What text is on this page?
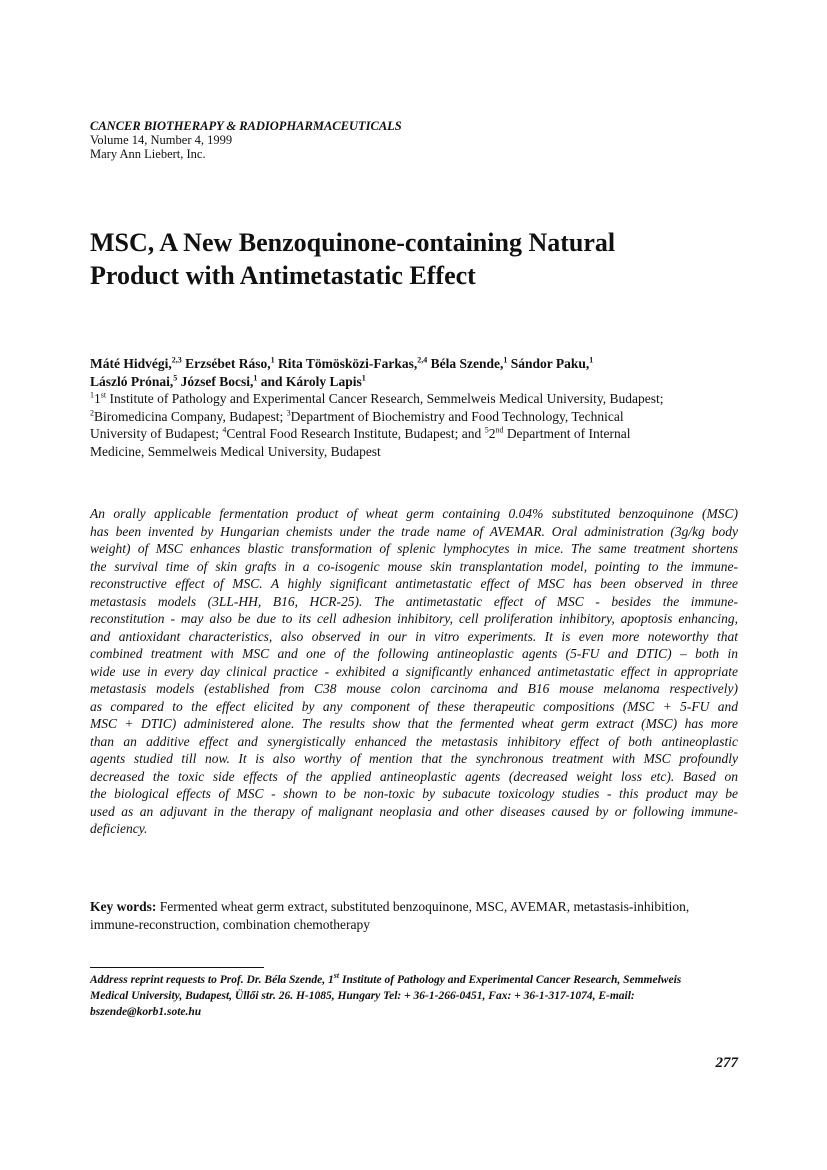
CANCER BIOTHERAPY & RADIOPHARMACEUTICALS
Volume 14, Number 4, 1999
Mary Ann Liebert, Inc.
MSC, A New Benzoquinone-containing Natural
Product with Antimetastatic Effect
Máté Hidvégi,$^{2,3}$ Erzsébet Ráso,$^1$ Rita Tömösközi-Farkas,$^{2,4}$ Béla Szende,$^1$ Sándor Paku,$^1$
László Prónai,$^5$ József Bocsi,$^1$ and Károly Lapis$^1$
$^1$1st Institute of Pathology and Experimental Cancer Research, Semmelweis Medical University, Budapest;
$^2$Biromedicina Company, Budapest; $^3$Department of Biochemistry and Food Technology, Technical
University of Budapest; $^4$Central Food Research Institute, Budapest; and $^5$2nd Department of Internal
Medicine, Semmelweis Medical University, Budapest
An orally applicable fermentation product of wheat germ containing 0.04% substituted benzoquinone (MSC)
has been invented by Hungarian chemists under the trade name of AVEMAR. Oral administration (3g/kg body
weight) of MSC enhances blastic transformation of splenic lymphocytes in mice. The same treatment shortens
the survival time of skin grafts in a co-isogenic mouse skin transplantation model, pointing to the immune-
reconstructive effect of MSC. A highly significant antimetastatic effect of MSC has been observed in three
metastasis models (3LL-HH, B16, HCR-25). The antimetastatic effect of MSC - besides the immune-
reconstitution - may also be due to its cell adhesion inhibitory, cell proliferation inhibitory, apoptosis enhancing,
and antioxidant characteristics, also observed in our in vitro experiments. It is even more noteworthy that
combined treatment with MSC and one of the following antineoplastic agents (5-FU and DTIC) – both in
wide use in every day clinical practice - exhibited a significantly enhanced antimetastatic effect in appropriate
metastasis models (established from C38 mouse colon carcinoma and B16 mouse melanoma respectively)
as compared to the effect elicited by any component of these therapeutic compositions (MSC + 5-FU and
MSC + DTIC) administered alone. The results show that the fermented wheat germ extract (MSC) has more
than an additive effect and synergistically enhanced the metastasis inhibitory effect of both antineoplastic
agents studied till now. It is also worthy of mention that the synchronous treatment with MSC profoundly
decreased the toxic side effects of the applied antineoplastic agents (decreased weight loss etc). Based on
the biological effects of MSC - shown to be non-toxic by subacute toxicology studies - this product may be
used as an adjuvant in the therapy of malignant neoplasia and other diseases caused by or following immune-
deficiency.
Key words: Fermented wheat germ extract, substituted benzoquinone, MSC, AVEMAR, metastasis-inhibition,
immune-reconstruction, combination chemotherapy
Address reprint requests to Prof. Dr. Béla Szende, 1st Institute of Pathology and Experimental Cancer Research, Semmelweis
Medical University, Budapest, Üllői str. 26. H-1085, Hungary Tel: + 36-1-266-0451, Fax: + 36-1-317-1074, E-mail:
bszende@korb1.sote.hu
277
